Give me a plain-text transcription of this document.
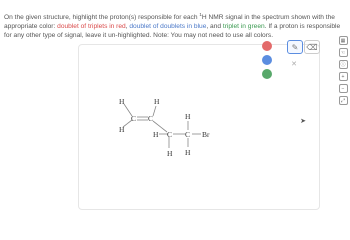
On the given structure, highlight the proton(s) responsible for each $^1$H NMR signal in the spectrum shown with the appropriate color: doublet of triplets in red, doublet of doublets in blue, and triplet in green. If a proton is responsible for any other type of signal, leave it un-highlighted. Note: You may not need to use all colors.
H	H
H
C C
H
H
C
H
C
H
Br
✎	⌫
✕
➤
▦
☜
ⓘ
+
−
⤢
